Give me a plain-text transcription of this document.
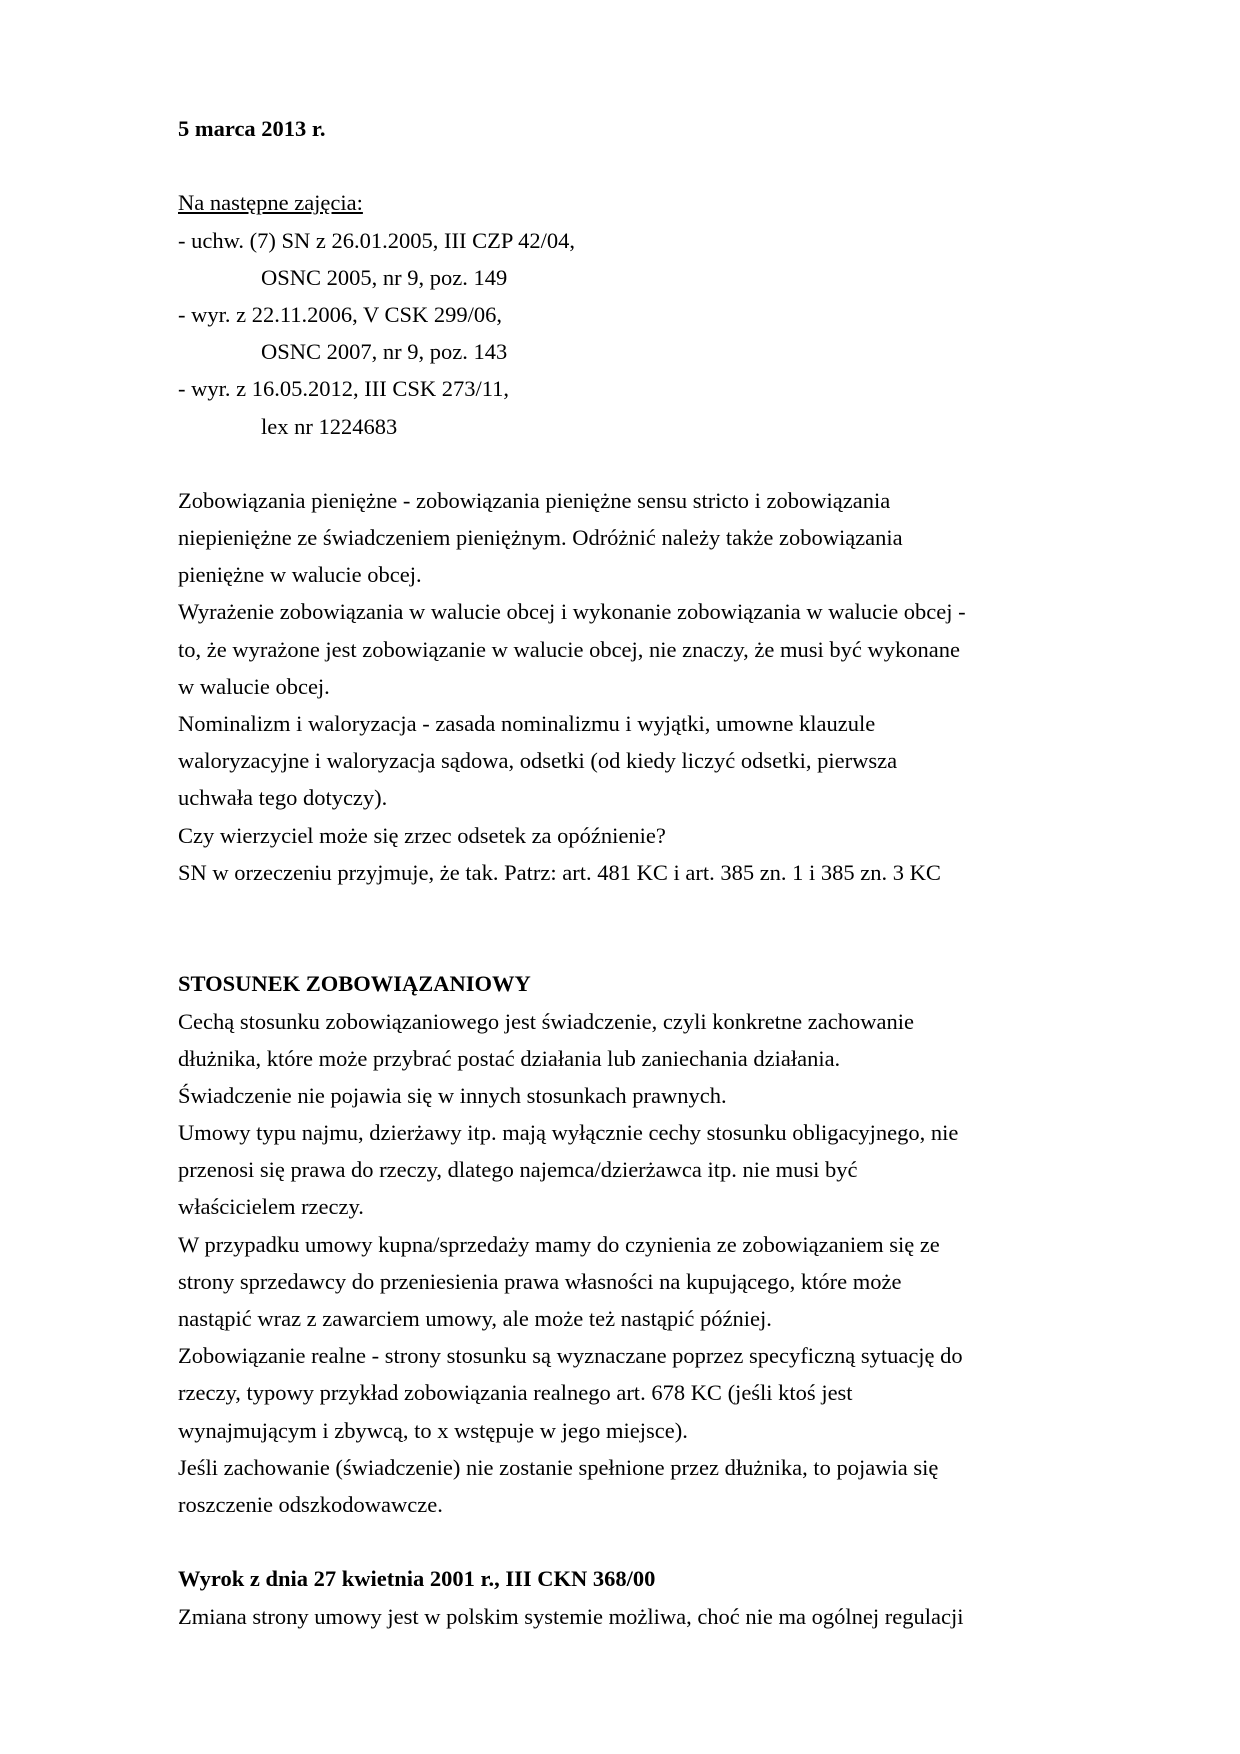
5 marca 2013 r.
Na następne zajęcia:
- uchw. (7) SN z 26.01.2005, III CZP 42/04,
OSNC 2005, nr 9, poz. 149
- wyr. z 22.11.2006, V CSK 299/06,
OSNC 2007, nr 9, poz. 143
- wyr. z 16.05.2012, III CSK 273/11,
lex nr 1224683
Zobowiązania pieniężne - zobowiązania pieniężne sensu stricto i zobowiązania
niepieniężne ze świadczeniem pieniężnym. Odróżnić należy także zobowiązania
pieniężne w walucie obcej.
Wyrażenie zobowiązania w walucie obcej i wykonanie zobowiązania w walucie obcej -
to, że wyrażone jest zobowiązanie w walucie obcej, nie znaczy, że musi być wykonane
w walucie obcej.
Nominalizm i waloryzacja - zasada nominalizmu i wyjątki, umowne klauzule
waloryzacyjne i waloryzacja sądowa, odsetki (od kiedy liczyć odsetki, pierwsza
uchwała tego dotyczy).
Czy wierzyciel może się zrzec odsetek za opóźnienie?
SN w orzeczeniu przyjmuje, że tak. Patrz: art. 481 KC i art. 385 zn. 1 i 385 zn. 3 KC
STOSUNEK ZOBOWIĄZANIOWY
Cechą stosunku zobowiązaniowego jest świadczenie, czyli konkretne zachowanie
dłużnika, które może przybrać postać działania lub zaniechania działania.
Świadczenie nie pojawia się w innych stosunkach prawnych.
Umowy typu najmu, dzierżawy itp. mają wyłącznie cechy stosunku obligacyjnego, nie
przenosi się prawa do rzeczy, dlatego najemca/dzierżawca itp. nie musi być
właścicielem rzeczy.
W przypadku umowy kupna/sprzedaży mamy do czynienia ze zobowiązaniem się ze
strony sprzedawcy do przeniesienia prawa własności na kupującego, które może
nastąpić wraz z zawarciem umowy, ale może też nastąpić później.
Zobowiązanie realne - strony stosunku są wyznaczane poprzez specyficzną sytuację do
rzeczy, typowy przykład zobowiązania realnego art. 678 KC (jeśli ktoś jest
wynajmującym i zbywcą, to x wstępuje w jego miejsce).
Jeśli zachowanie (świadczenie) nie zostanie spełnione przez dłużnika, to pojawia się
roszczenie odszkodowawcze.
Wyrok z dnia 27 kwietnia 2001 r., III CKN 368/00
Zmiana strony umowy jest w polskim systemie możliwa, choć nie ma ogólnej regulacji
